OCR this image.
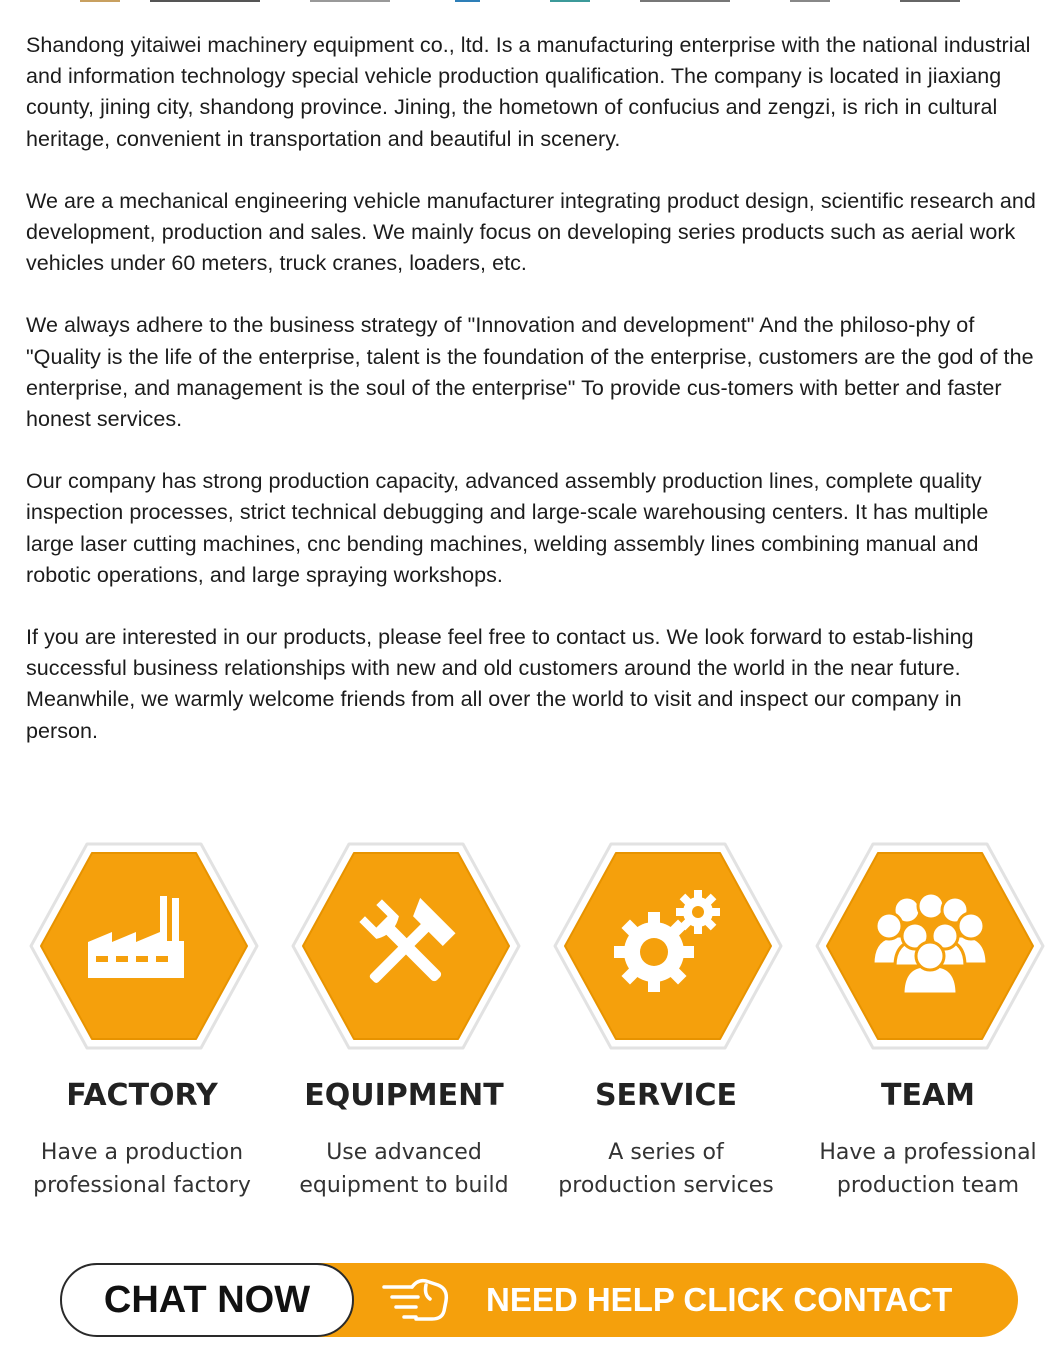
Shandong yitaiwei machinery equipment co., ltd. Is a manufacturing enterprise with the national industrial and information technology special vehicle production qualification. The company is located in jiaxiang county, jining city, shandong province. Jining, the hometown of confucius and zengzi, is rich in cultural heritage, convenient in transportation and beautiful in scenery.

We are a mechanical engineering vehicle manufacturer integrating product design, scientific research and development, production and sales. We mainly focus on developing series products such as aerial work vehicles under 60 meters, truck cranes, loaders, etc.

We always adhere to the business strategy of "Innovation and development" And the philoso-phy of "Quality is the life of the enterprise, talent is the foundation of the enterprise, customers are the god of the enterprise, and management is the soul of the enterprise" To provide cus-tomers with better and faster honest services.

Our company has strong production capacity, advanced assembly production lines, complete quality inspection processes, strict technical debugging and large-scale warehousing centers. It has multiple large laser cutting machines, cnc bending machines, welding assembly lines combining manual and robotic operations, and large spraying workshops.

If you are interested in our products, please feel free to contact us. We look forward to estab-lishing successful business relationships with new and old customers around the world in the near future. Meanwhile, we warmly welcome friends from all over the world to visit and inspect our company in person.

FACTORY
Have a production
professional factory
EQUIPMENT
Use advanced
equipment to build
SERVICE
A series of
production services
TEAM
Have a professional
production team
CHAT NOW	NEED HELP CLICK CONTACT
